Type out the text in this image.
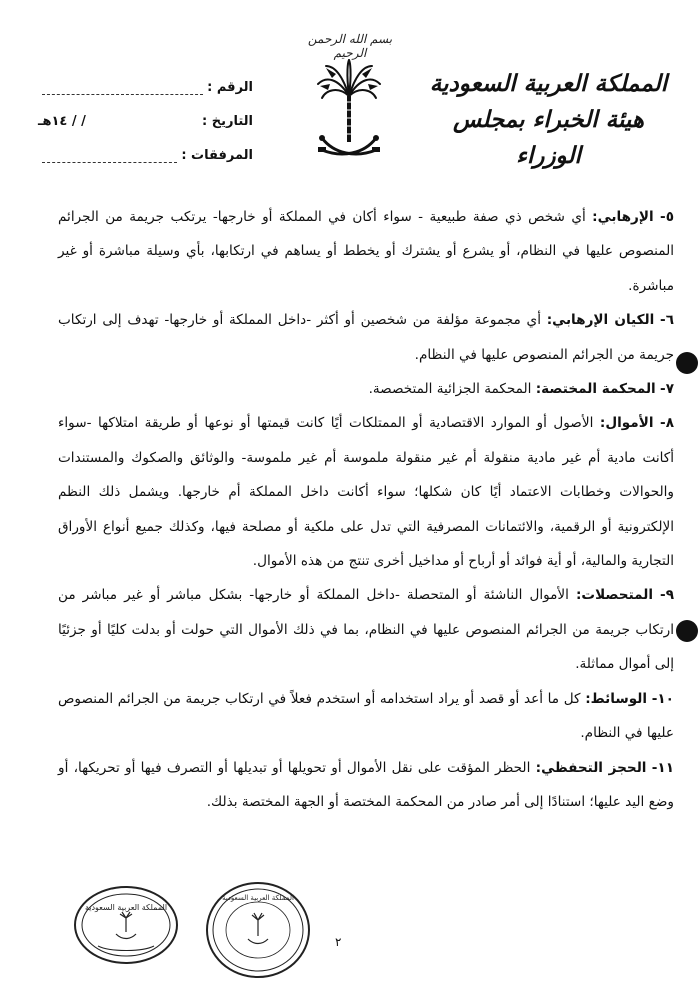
بسم الله الرحمن الرحيم
المملكة العربية السعودية
هيئة الخبراء بمجلس الوزراء
الرقم :
التاريخ :
/ / ١٤هـ
المرفقات :

٥- الإرهابي: أي شخص ذي صفة طبيعية - سواء أكان في المملكة أو خارجها- يرتكب جريمة من الجرائم المنصوص عليها في النظام، أو يشرع أو يشترك أو يخطط أو يساهم في ارتكابها، بأي وسيلة مباشرة أو غير مباشرة.

٦- الكيان الإرهابي: أي مجموعة مؤلفة من شخصين أو أكثر -داخل المملكة أو خارجها- تهدف إلى ارتكاب جريمة من الجرائم المنصوص عليها في النظام.

٧- المحكمة المختصة: المحكمة الجزائية المتخصصة.

٨- الأموال: الأصول أو الموارد الاقتصادية أو الممتلكات أيًا كانت قيمتها أو نوعها أو طريقة امتلاكها -سواء أكانت مادية أم غير مادية منقولة أم غير منقولة ملموسة أم غير ملموسة- والوثائق والصكوك والمستندات والحوالات وخطابات الاعتماد أيًا كان شكلها؛ سواء أكانت داخل المملكة أم خارجها. ويشمل ذلك النظم الإلكترونية أو الرقمية، والائتمانات المصرفية التي تدل على ملكية أو مصلحة فيها، وكذلك جميع أنواع الأوراق التجارية والمالية، أو أية فوائد أو أرباح أو مداخيل أخرى تنتج من هذه الأموال.

٩- المتحصلات: الأموال الناشئة أو المتحصلة -داخل المملكة أو خارجها- بشكل مباشر أو غير مباشر من ارتكاب جريمة من الجرائم المنصوص عليها في النظام، بما في ذلك الأموال التي حولت أو بدلت كليًا أو جزئيًا إلى أموال مماثلة.

١٠- الوسائط: كل ما أعد أو قصد أو يراد استخدامه أو استخدم فعلاً في ارتكاب جريمة من الجرائم المنصوص عليها في النظام.

١١- الحجز التحفظي: الحظر المؤقت على نقل الأموال أو تحويلها أو تبديلها أو التصرف فيها أو تحريكها، أو وضع اليد عليها؛ استنادًا إلى أمر صادر من المحكمة المختصة أو الجهة المختصة بذلك.

المملكة العربية السعودية
المملكة العربية السعودية
٢
